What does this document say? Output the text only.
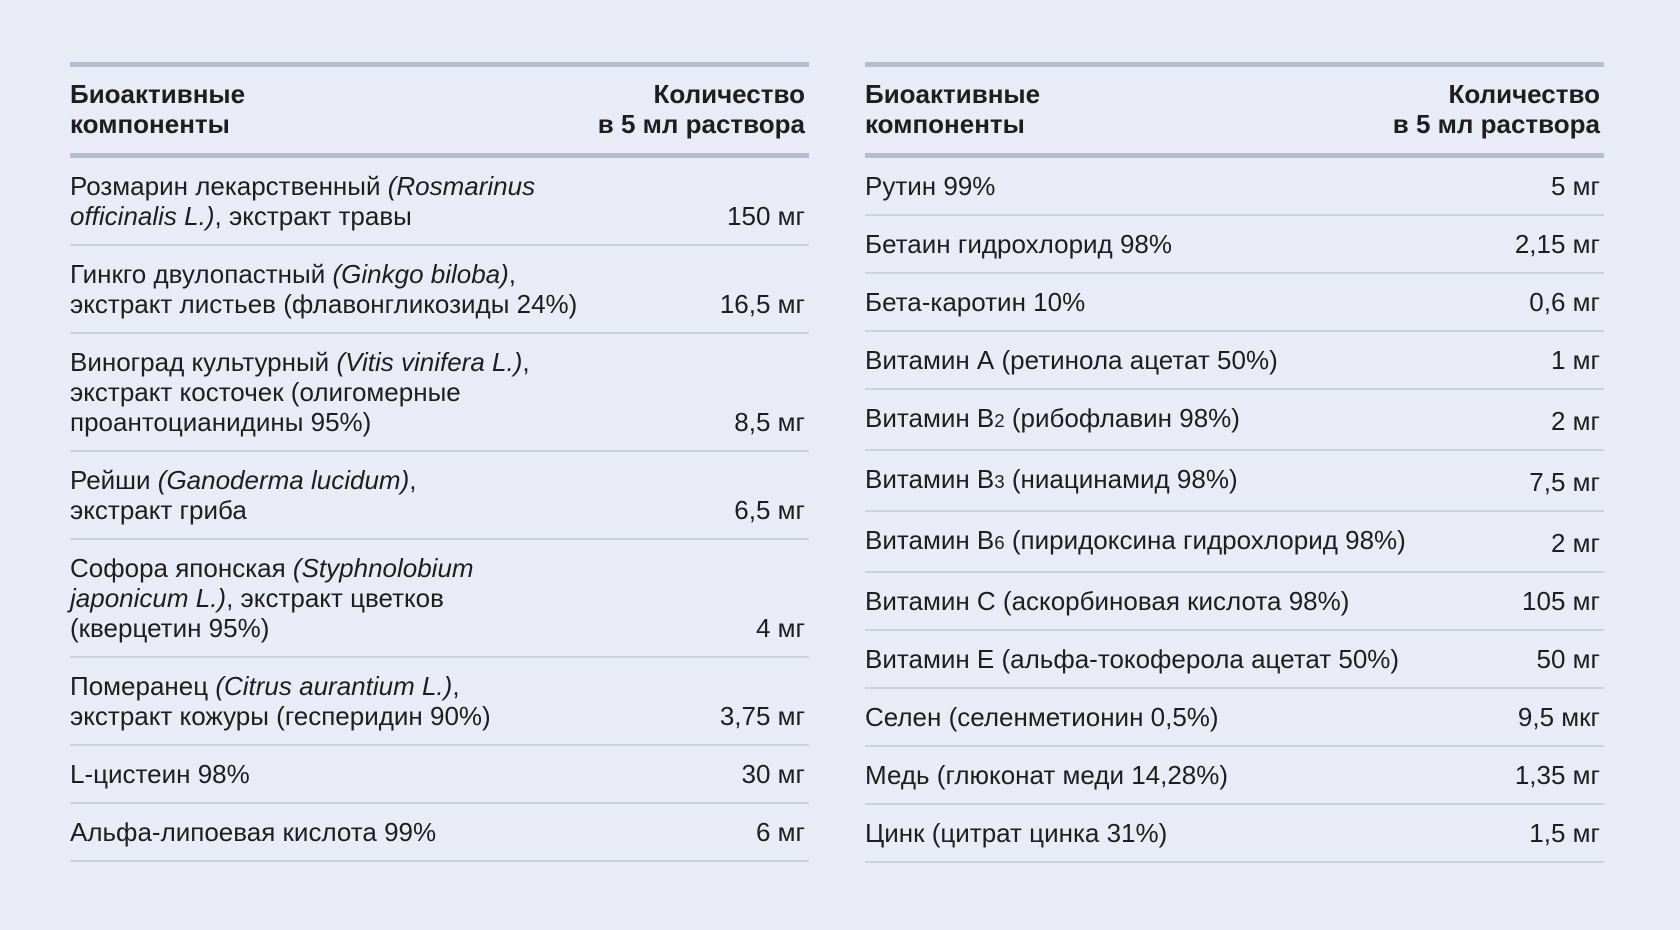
Биоактивные
компоненты
Количество
в 5 мл раствора
Розмарин лекарственный (Rosmarinus
officinalis L.), экстракт травы	150 мг
Гинкго двулопастный (Ginkgo biloba),
экстракт листьев (флавонгликозиды 24%)	16,5 мг
Виноград культурный (Vitis vinifera L.),
экстракт косточек (олигомерные
проантоцианидины 95%)	8,5 мг
Рейши (Ganoderma lucidum),
экстракт гриба	6,5 мг
Софора японская (Styphnolobium
japonicum L.), экстракт цветков
(кверцетин 95%)	4 мг
Померанец (Citrus aurantium L.),
экстракт кожуры (гесперидин 90%)	3,75 мг
L-цистеин 98%	30 мг
Альфа-липоевая кислота 99%	6 мг
Биоактивные
компоненты
Количество
в 5 мл раствора
Рутин 99%	5 мг
Бетаин гидрохлорид 98%	2,15 мг
Бета-каротин 10%	0,6 мг
Витамин А (ретинола ацетат 50%)	1 мг
Витамин В2 (рибофлавин 98%)	2 мг
Витамин В3 (ниацинамид 98%)	7,5 мг
Витамин В6 (пиридоксина гидрохлорид 98%)	2 мг
Витамин С (аскорбиновая кислота 98%)	105 мг
Витамин Е (альфа-токоферола ацетат 50%)	50 мг
Селен (селенметионин 0,5%)	9,5 мкг
Медь (глюконат меди 14,28%)	1,35 мг
Цинк (цитрат цинка 31%)	1,5 мг
